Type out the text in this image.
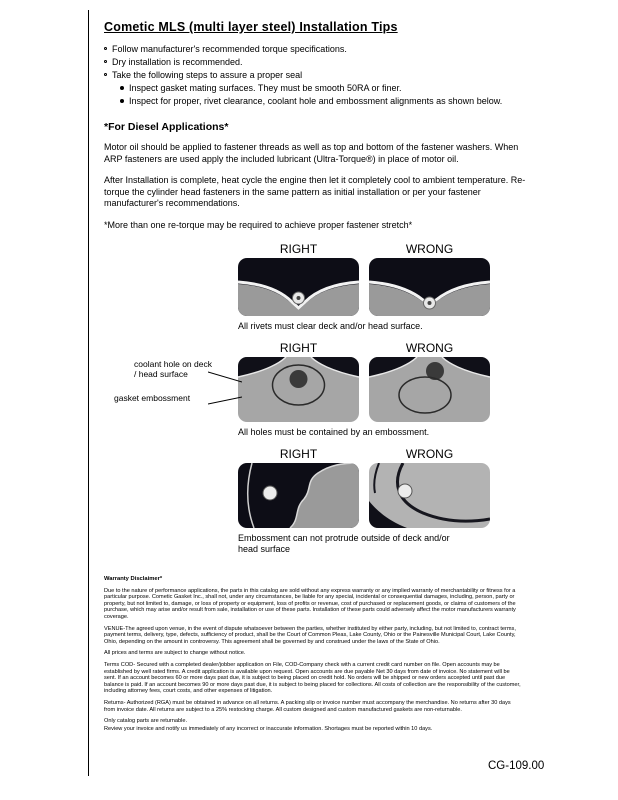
Cometic MLS (multi layer steel) Installation Tips
Follow manufacturer's recommended torque specifications.
Dry installation is recommended.
Take the following steps to assure a proper seal
Inspect gasket mating surfaces. They must be smooth 50RA or finer.
Inspect for proper, rivet clearance, coolant hole and embossment alignments as shown below.
*For Diesel Applications*
Motor oil should be applied to fastener threads as well as top and bottom of the fastener washers. When ARP fasteners are used apply the included lubricant (Ultra-Torque®) in place of motor oil.
After Installation is complete, heat cycle the engine then let it completely cool to ambient temperature. Re-torque the cylinder head fasteners in the same pattern as initial installation or per your fastener manufacturer's recommendations.
*More than one re-torque may be required to achieve proper fastener stretch*
RIGHT	WRONG
All rivets must clear deck and/or head surface.
coolant hole on deck / head surface
gasket embossment
RIGHT	WRONG
All holes must be contained by an embossment.
RIGHT	WRONG
Embossment can not protrude outside of deck and/or head surface
Warranty Disclaimer*

Due to the nature of performance applications, the parts in this catalog are sold without any express warranty or any implied warranty of merchantability or fitness for a particular purpose. Cometic Gasket Inc., shall not, under any circumstances, be liable for any special, incidental or consequential damages, including, person, party or property, but not limited to, damage, or loss of property or equipment, loss of profits or revenue, cost of purchased or replacement goods, or claims of customers of the purchase, which may arise and/or result from sale, installation or use of these parts. Installation of these parts could adversely affect the motor manufacturers warranty coverage.

VENUE-The agreed upon venue, in the event of dispute whatsoever between the parties, whether instituted by either party, including, but not limited to, contract terms, payment terms, delivery, type, defects, sufficiency of product, shall be the Court of Common Pleas, Lake County, Ohio or the Painesville Municipal Court, Lake County, Ohio, depending on the amount in controversy. This agreement shall be governed by and construed under the laws of the State of Ohio.

All prices and terms are subject to change without notice.

Terms COD- Secured with a completed dealer/jobber application on File, COD-Company check with a current credit card number on file. Open accounts may be established by well rated firms. A credit application is available upon request. Open accounts are due payable Net 30 days from date of invoice. No statement will be sent. If an account becomes 60 or more days past due, it is subject to being placed on credit hold. No orders will be shipped or new orders accepted until past due balance is paid. If an account becomes 90 or more days past due, it is subject to being placed for collections. All costs of collection are the responsibility of the customer, including attorney fees, court costs, and other expenses of litigation.

Returns- Authorized (RGA) must be obtained in advance on all returns. A packing slip or invoice number must accompany the merchandise. No returns after 30 days from invoice date. All returns are subject to a 25% restocking charge. All custom designed and custom manufactured gaskets are non-returnable.

Only catalog parts are returnable.

Review your invoice and notify us immediately of any incorrect or inaccurate information. Shortages must be reported within 10 days.

CG-109.00
